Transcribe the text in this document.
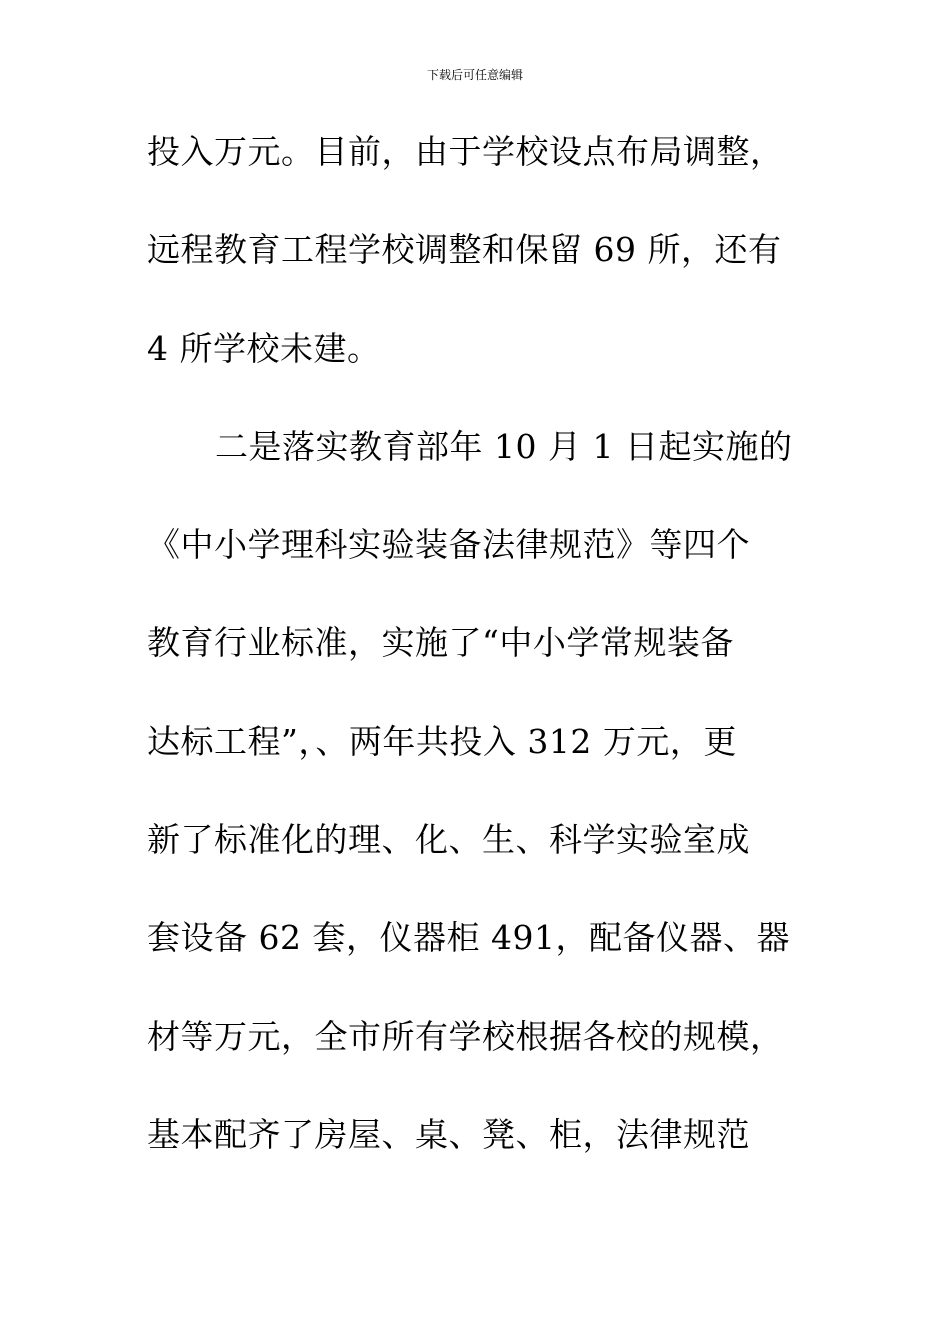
下载后可任意编辑
投入万元。目前，由于学校设点布局调整，
远程教育工程学校调整和保留 69 所，还有
4 所学校未建。
二是落实教育部年 10 月 1 日起实施的
《中小学理科实验装备法律规范》等四个
教育行业标准，实施了“中小学常规装备
达标工程”，、两年共投入 312 万元，更
新了标准化的理、化、生、科学实验室成
套设备 62 套，仪器柜 491，配备仪器、器
材等万元，全市所有学校根据各校的规模，
基本配齐了房屋、桌、凳、柜，法律规范
